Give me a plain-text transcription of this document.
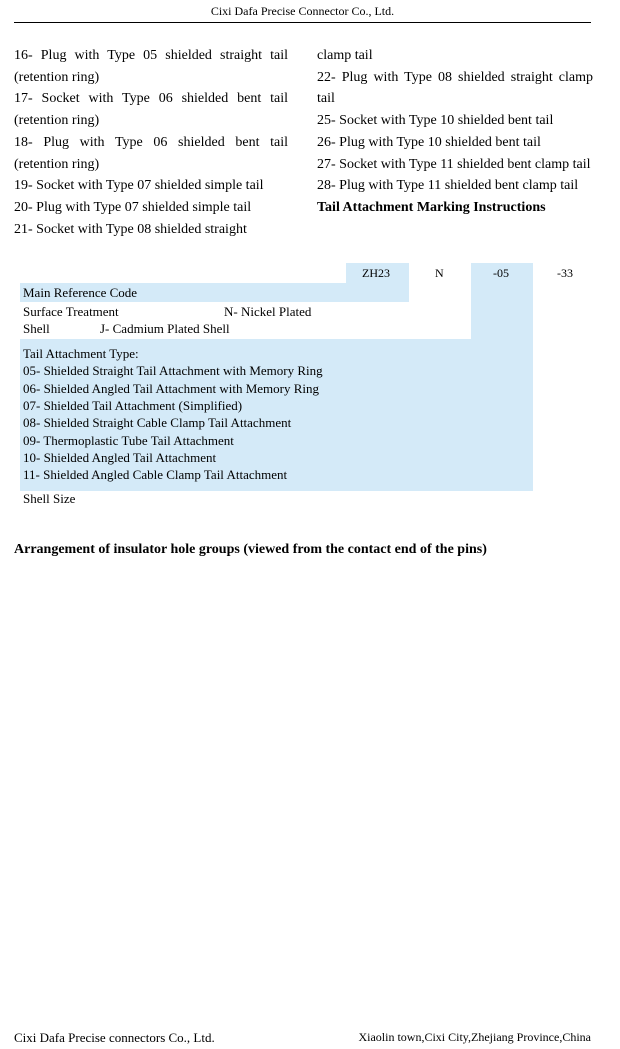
Cixi Dafa Precise Connector Co., Ltd.
16- Plug with Type 05 shielded straight tail (retention ring)
17- Socket with Type 06 shielded bent tail (retention ring)
18- Plug with Type 06 shielded bent tail (retention ring)
19- Socket with Type 07 shielded simple tail
20- Plug with Type 07 shielded simple tail
21- Socket with Type 08 shielded straight
clamp tail
22- Plug with Type 08 shielded straight clamp tail
25- Socket with Type 10 shielded bent tail
26- Plug with Type 10 shielded bent tail
27- Socket with Type 11 shielded bent clamp tail
28- Plug with Type 11 shielded bent clamp tail
Tail Attachment Marking Instructions
ZH23	N	-05	-33
Main Reference Code
Surface Treatment	N- Nickel Plated
Shell	J- Cadmium Plated Shell
Tail Attachment Type:
05- Shielded Straight Tail Attachment with Memory Ring
06- Shielded Angled Tail Attachment with Memory Ring
07- Shielded Tail Attachment (Simplified)
08- Shielded Straight Cable Clamp Tail Attachment
09- Thermoplastic Tube Tail Attachment
10- Shielded Angled Tail Attachment
11- Shielded Angled Cable Clamp Tail Attachment
Shell Size
Arrangement of insulator hole groups (viewed from the contact end of the pins)
Cixi Dafa Precise connectors Co., Ltd.	Xiaolin town,Cixi City,Zhejiang Province,China
